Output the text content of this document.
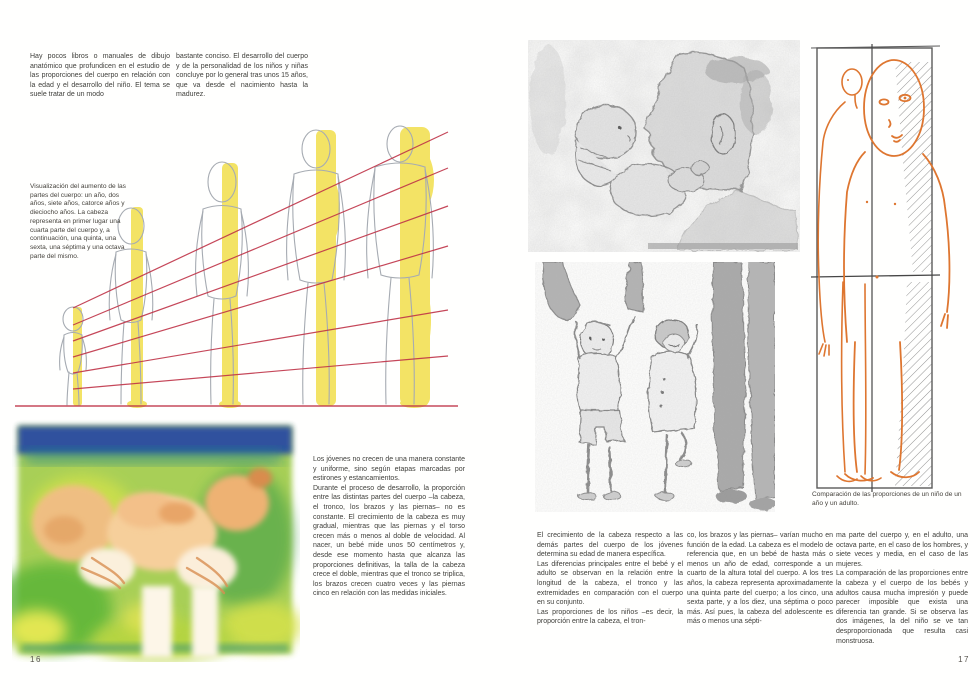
Hay pocos libros o manuales de dibujo anatómico que profundicen en el estudio de las proporciones del cuerpo en relación con la edad y el desarrollo del niño. El tema se suele tratar de un modo
bastante conciso. El desarrollo del cuerpo y de la personalidad de los niños y niñas concluye por lo general tras unos 15 años, que va desde el nacimiento hasta la madurez.
Visualización del aumento de las partes del cuerpo: un año, dos años, siete años, catorce años y dieciocho años. La cabeza representa en primer lugar una cuarta parte del cuerpo y, a continuación, una quinta, una sexta, una séptima y una octava parte del mismo.

Los jóvenes no crecen de una manera constante y uniforme, sino según etapas marcadas por estirones y estancamientos.

Durante el proceso de desarrollo, la proporción entre las distintas partes del cuerpo –la cabeza, el tronco, los brazos y las piernas– no es constante. El crecimiento de la cabeza es muy gradual, mientras que las piernas y el torso crecen más o menos al doble de velocidad. Al nacer, un bebé mide unos 50 centímetros y, desde ese momento hasta que alcanza las proporciones definitivas, la talla de la cabeza crece el doble, mientras que el tronco se triplica, los brazos crecen cuatro veces y las piernas cinco en relación con las medidas iniciales.

16
Comparación de las proporciones de un niño de un año y un adulto.

El crecimiento de la cabeza respecto a las demás partes del cuerpo de los jóvenes determina su edad de manera específica.

Las diferencias principales entre el bebé y el adulto se observan en la relación entre la longitud de la cabeza, el tronco y las extremidades en comparación con el cuerpo en su conjunto.

Las proporciones de los niños –es decir, la proporción entre la cabeza, el tron-

co, los brazos y las piernas– varían mucho en función de la edad. La cabeza es el modelo de referencia que, en un bebé de hasta más o menos un año de edad, corresponde a un cuarto de la altura total del cuerpo. A los tres años, la cabeza representa aproximadamente una quinta parte del cuerpo; a los cinco, una sexta parte, y a los diez, una séptima o poco más. Así pues, la cabeza del adolescente es más o menos una sépti-

ma parte del cuerpo y, en el adulto, una octava parte, en el caso de los hombres, y siete veces y media, en el caso de las mujeres.

La comparación de las proporciones entre la cabeza y el cuerpo de los bebés y adultos causa mucha impresión y puede parecer imposible que exista una diferencia tan grande. Si se observa las dos imágenes, la del niño se ve tan desproporcionada que resulta casi monstruosa.

17
